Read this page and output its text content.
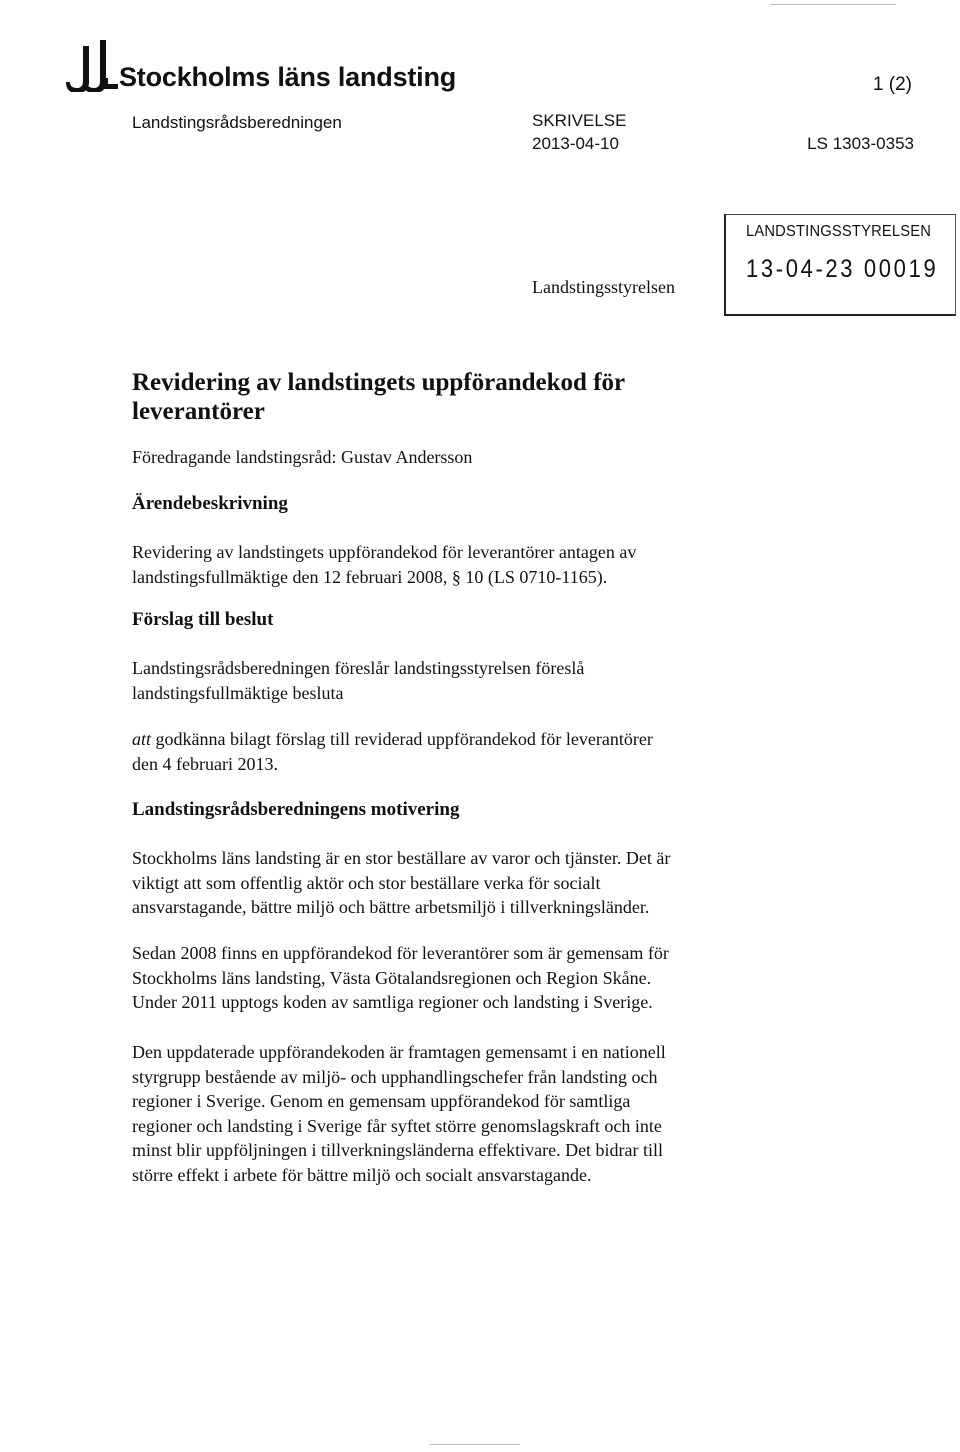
Stockholms läns landsting	1 (2)
Landstingsrådsberedningen	SKRIVELSE
2013-04-10	LS 1303-0353
Landstingsstyrelsen
LANDSTINGSSTYRELSEN
13-04-23 00019
Revidering av landstingets uppförandekod för
leverantörer
Föredragande landstingsråd: Gustav Andersson
Ärendebeskrivning
Revidering av landstingets uppförandekod för leverantörer antagen av
landstingsfullmäktige den 12 februari 2008, § 10 (LS 0710-1165).
Förslag till beslut
Landstingsrådsberedningen föreslår landstingsstyrelsen föreslå
landstingsfullmäktige besluta
att godkänna bilagt förslag till reviderad uppförandekod för leverantörer
den 4 februari 2013.
Landstingsrådsberedningens motivering
Stockholms läns landsting är en stor beställare av varor och tjänster. Det är
viktigt att som offentlig aktör och stor beställare verka för socialt
ansvarstagande, bättre miljö och bättre arbetsmiljö i tillverkningsländer.
Sedan 2008 finns en uppförandekod för leverantörer som är gemensam för
Stockholms läns landsting, Västa Götalandsregionen och Region Skåne.
Under 2011 upptogs koden av samtliga regioner och landsting i Sverige.
Den uppdaterade uppförandekoden är framtagen gemensamt i en nationell
styrgrupp bestående av miljö- och upphandlingschefer från landsting och
regioner i Sverige. Genom en gemensam uppförandekod för samtliga
regioner och landsting i Sverige får syftet större genomslagskraft och inte
minst blir uppföljningen i tillverkningsländerna effektivare. Det bidrar till
större effekt i arbete för bättre miljö och socialt ansvarstagande.
